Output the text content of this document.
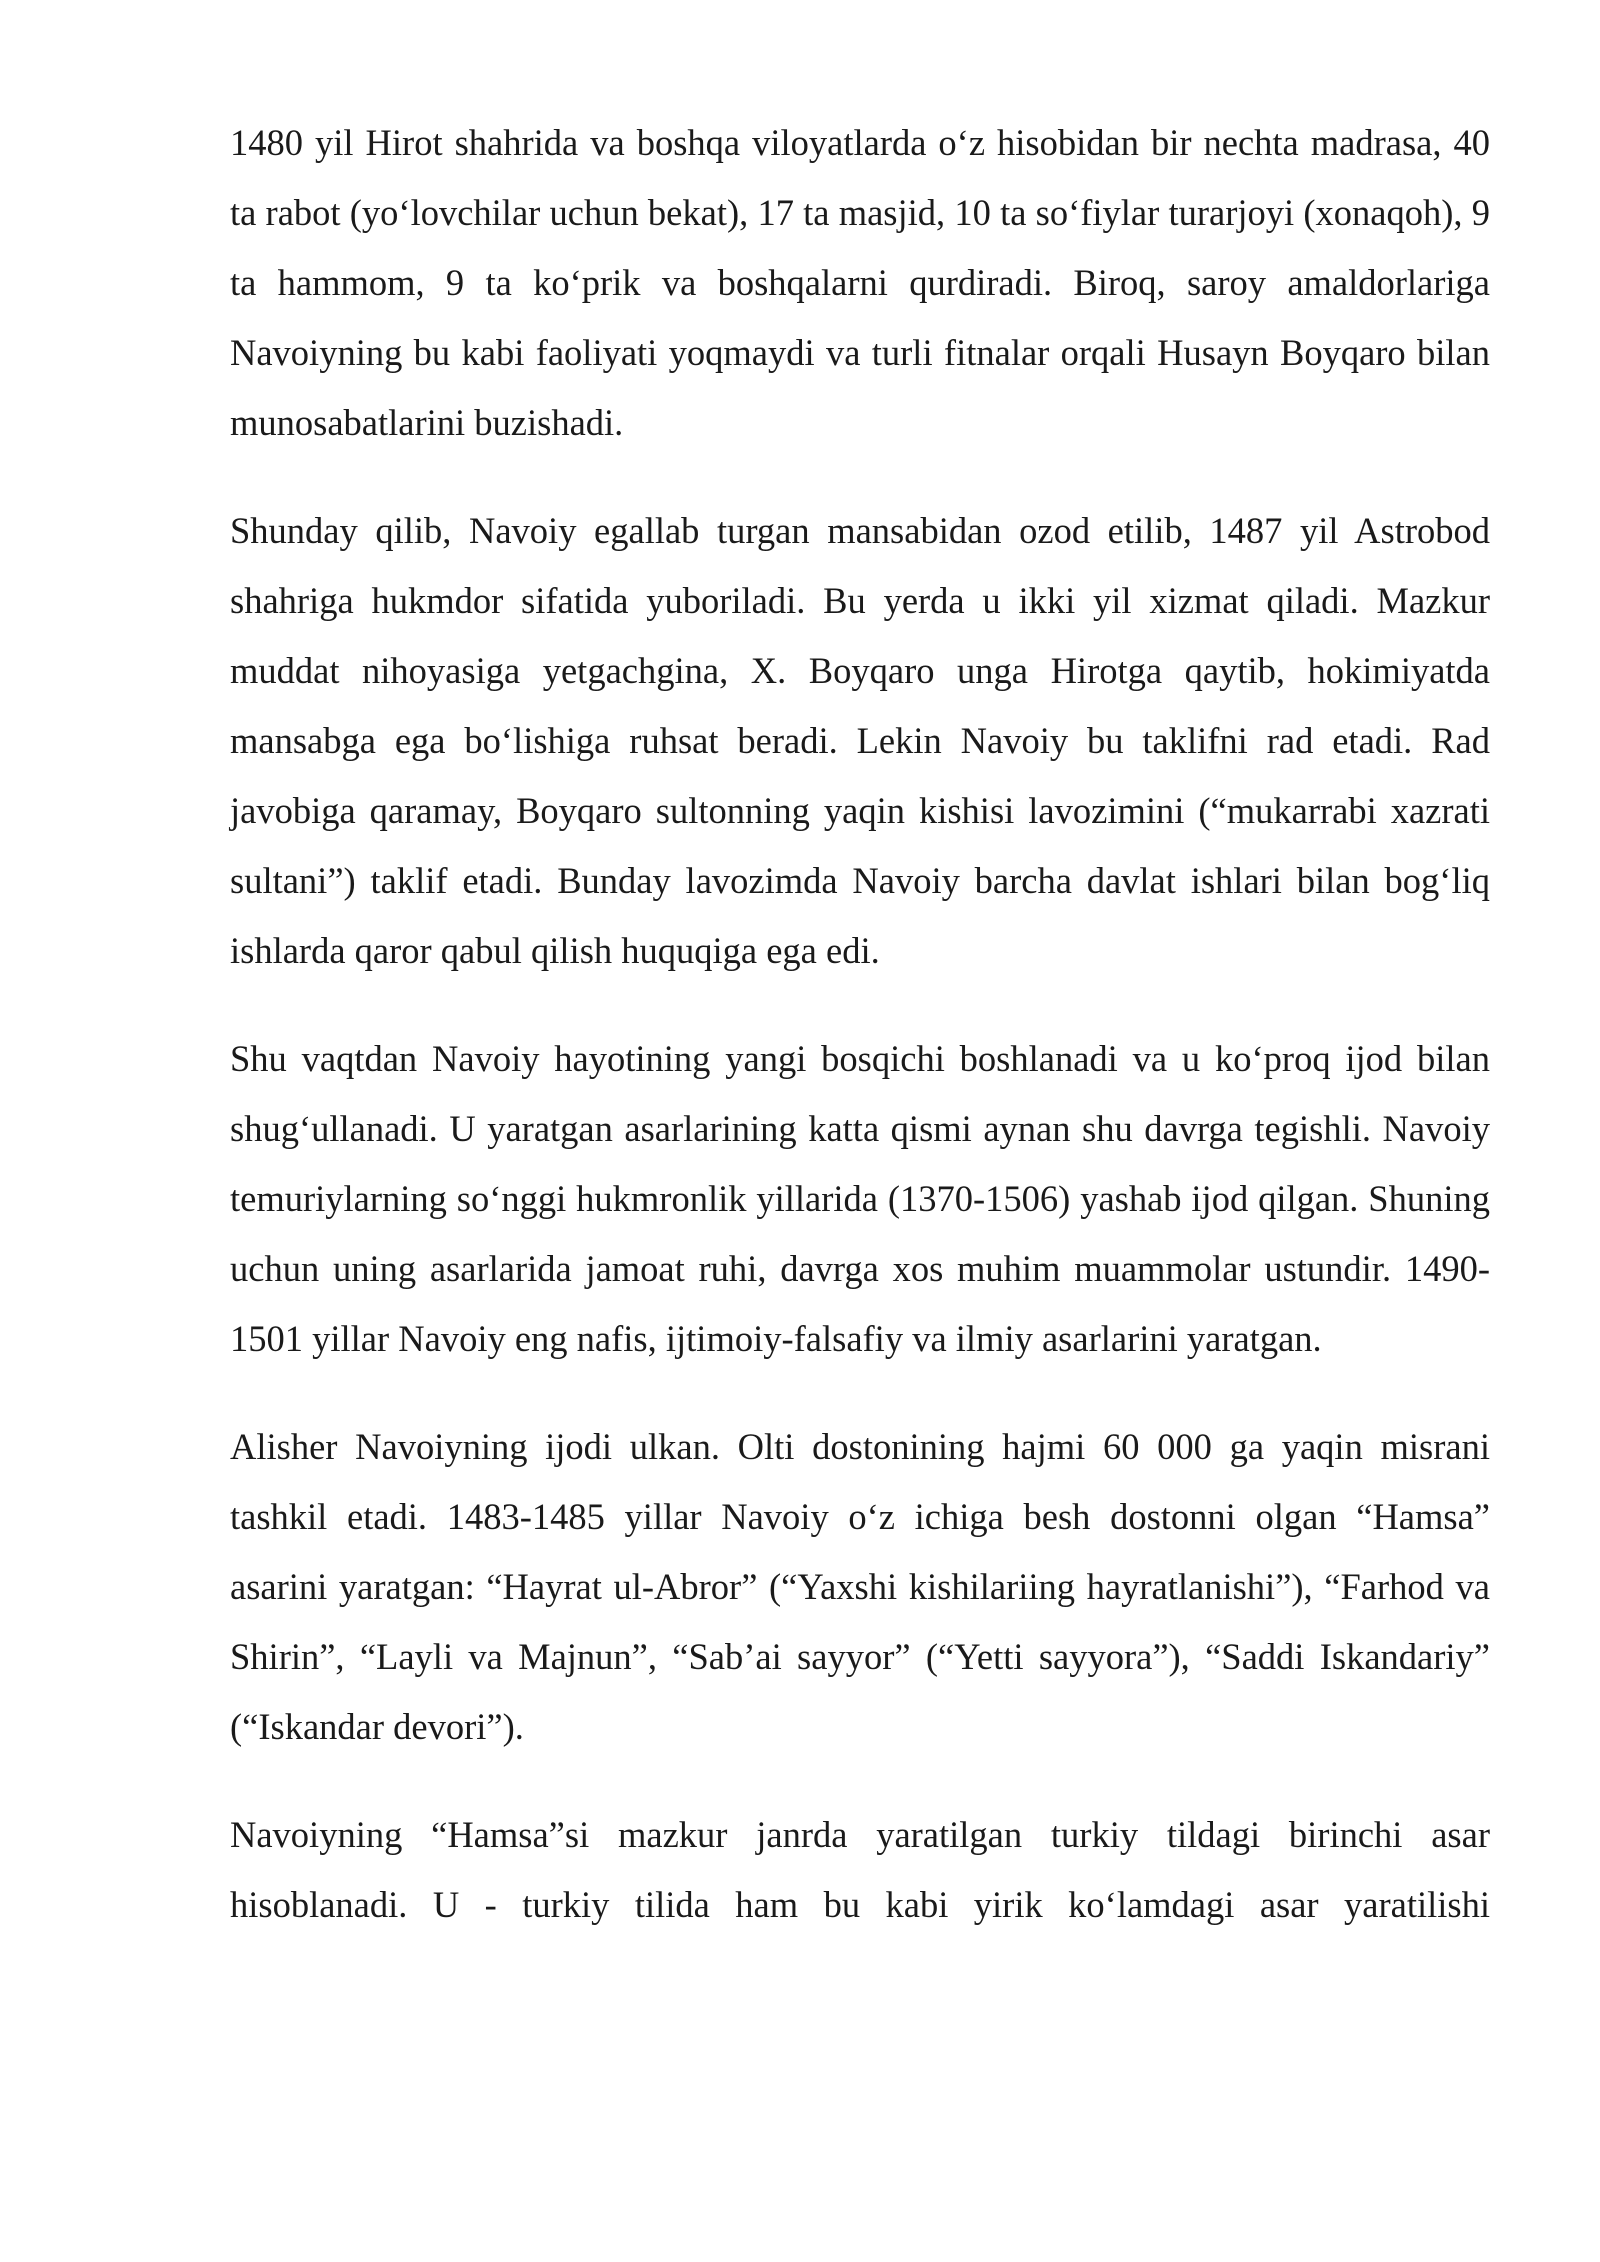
1480 yil Hirot shahrida va boshqa viloyatlarda o‘z hisobidan bir nechta madrasa, 40 ta rabot (yo‘lovchilar uchun bekat), 17 ta masjid, 10 ta so‘fiylar turarjoyi (xonaqoh), 9 ta hammom, 9 ta ko‘prik va boshqalarni qurdiradi. Biroq, saroy amaldorlariga Navoiyning bu kabi faoliyati yoqmaydi va turli fitnalar orqali Husayn Boyqaro bilan munosabatlarini buzishadi.

Shunday qilib, Navoiy egallab turgan mansabidan ozod etilib, 1487 yil Astrobod shahriga hukmdor sifatida yuboriladi. Bu yerda u ikki yil xizmat qiladi. Mazkur muddat nihoyasiga yetgachgina, X. Boyqaro unga Hirotga qaytib, hokimiyatda mansabga ega bo‘lishiga ruhsat beradi. Lekin Navoiy bu taklifni rad etadi. Rad javobiga qaramay, Boyqaro sultonning yaqin kishisi lavozimini (“mukarrabi xazrati sultani”) taklif etadi. Bunday lavozimda Navoiy barcha davlat ishlari bilan bog‘liq ishlarda qaror qabul qilish huquqiga ega edi.

Shu vaqtdan Navoiy hayotining yangi bosqichi boshlanadi va u ko‘proq ijod bilan shug‘ullanadi. U yaratgan asarlarining katta qismi aynan shu davrga tegishli. Navoiy temuriylarning so‘nggi hukmronlik yillarida (1370-1506) yashab ijod qilgan. Shuning uchun uning asarlarida jamoat ruhi, davrga xos muhim muammolar ustundir. 1490-1501 yillar Navoiy eng nafis, ijtimoiy-falsafiy va ilmiy asarlarini yaratgan.

Alisher Navoiyning ijodi ulkan. Olti dostonining hajmi 60 000 ga yaqin misrani tashkil etadi. 1483-1485 yillar Navoiy o‘z ichiga besh dostonni olgan “Hamsa” asarini yaratgan: “Hayrat ul-Abror” (“Yaxshi kishilariing hayratlanishi”), “Farhod va Shirin”, “Layli va Majnun”, “Sab’ai sayyor” (“Yetti sayyora”), “Saddi Iskandariy” (“Iskandar devori”).

Navoiyning “Hamsa”si mazkur janrda yaratilgan turkiy tildagi birinchi asar hisoblanadi. U - turkiy tilida ham bu kabi yirik ko‘lamdagi asar yaratilishi
